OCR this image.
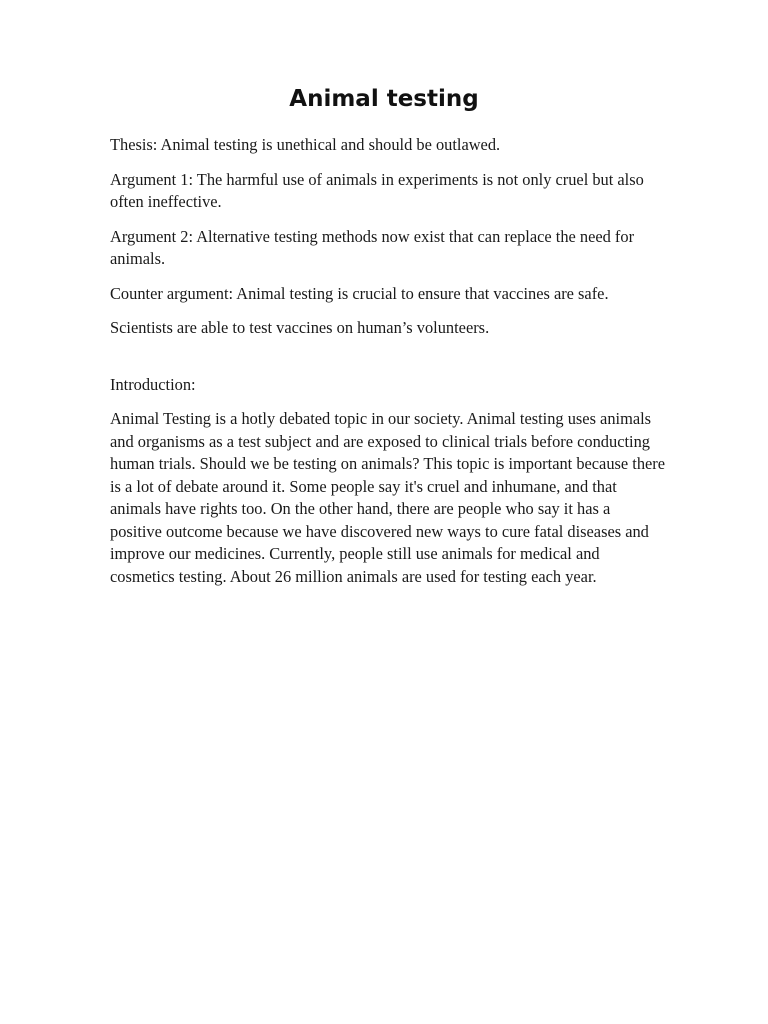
Animal testing

Thesis: Animal testing is unethical and should be outlawed.

Argument 1: The harmful use of animals in experiments is not only cruel but also often ineffective.

Argument 2: Alternative testing methods now exist that can replace the need for animals.

Counter argument: Animal testing is crucial to ensure that vaccines are safe.

Scientists are able to test vaccines on human’s volunteers.

Introduction:

Animal Testing is a hotly debated topic in our society. Animal testing uses animals and organisms as a test subject and are exposed to clinical trials before conducting human trials. Should we be testing on animals? This topic is important because there is a lot of debate around it. Some people say it's cruel and inhumane, and that animals have rights too. On the other hand, there are people who say it has a positive outcome because we have discovered new ways to cure fatal diseases and improve our medicines. Currently, people still use animals for medical and cosmetics testing. About 26 million animals are used for testing each year.
